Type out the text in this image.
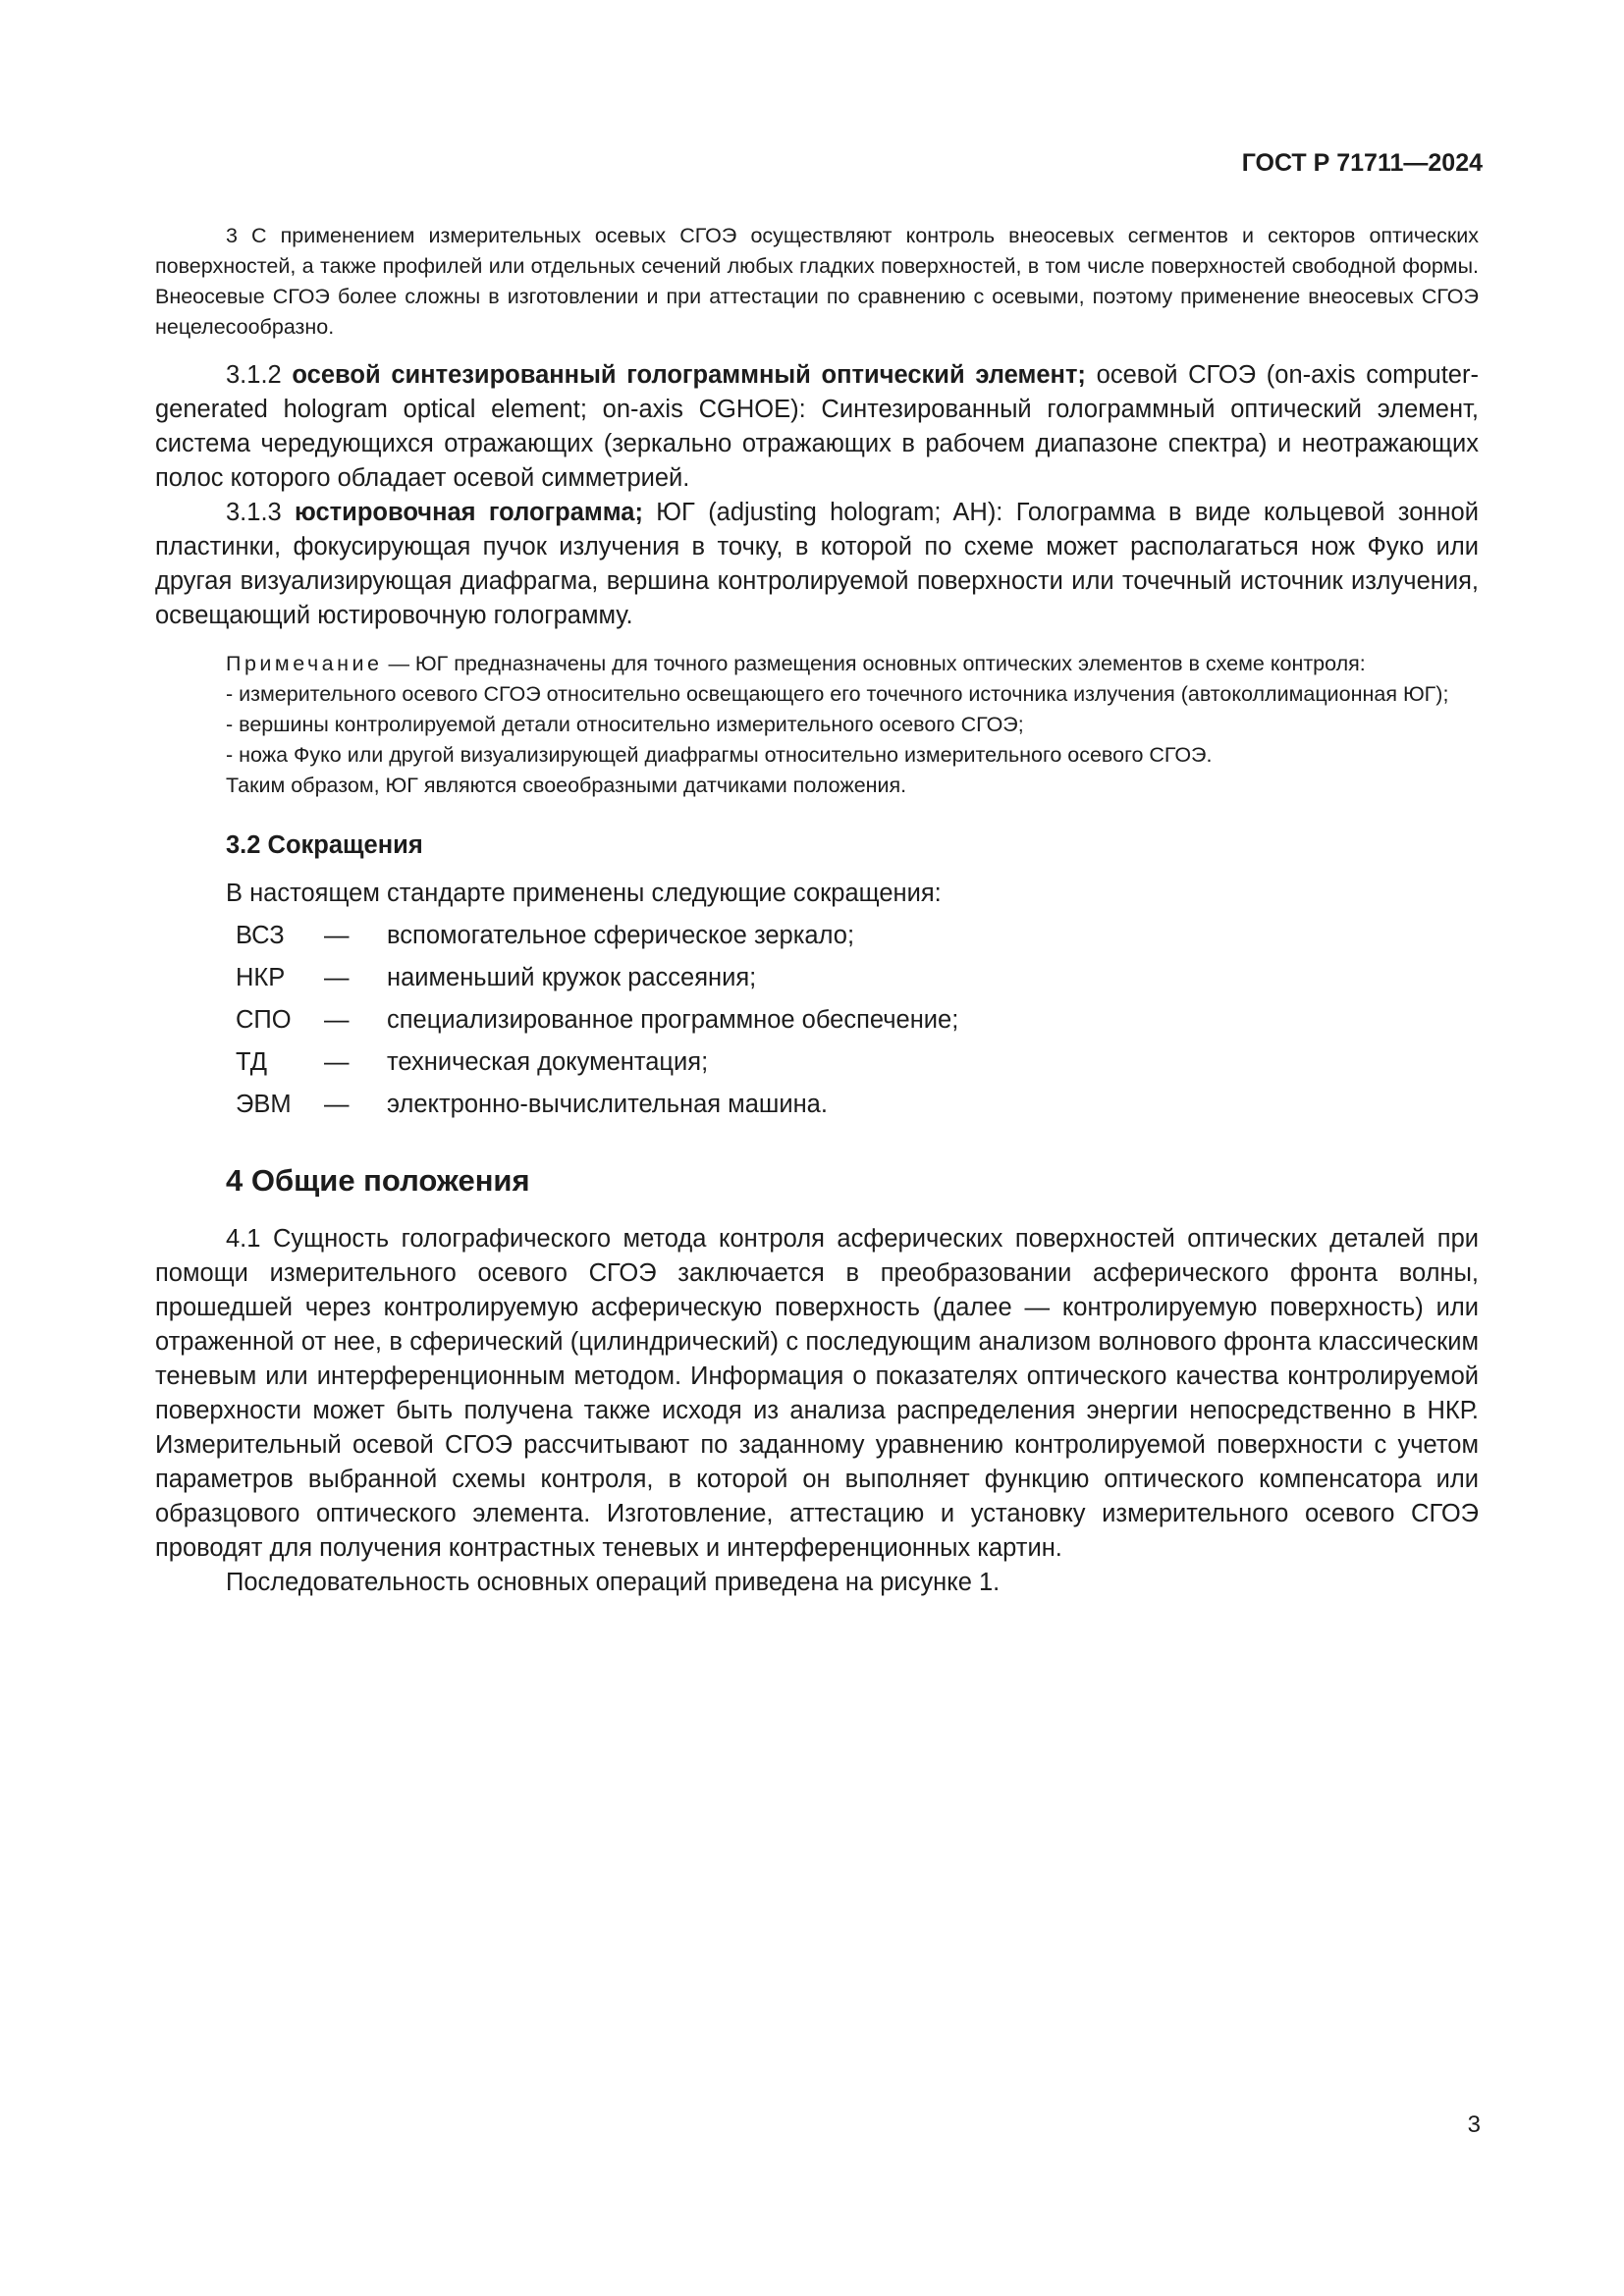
ГОСТ Р 71711—2024

3 С применением измерительных осевых СГОЭ осуществляют контроль внеосевых сегментов и секторов оптических поверхностей, а также профилей или отдельных сечений любых гладких поверхностей, в том числе поверхностей свободной формы. Внеосевые СГОЭ более сложны в изготовлении и при аттестации по сравнению с осевыми, поэтому применение внеосевых СГОЭ нецелесообразно.

3.1.2 осевой синтезированный голограммный оптический элемент; осевой СГОЭ (on-axis computer-generated hologram optical element; on-axis CGHOE): Синтезированный голограммный оптический элемент, система чередующихся отражающих (зеркально отражающих в рабочем диапазоне спектра) и неотражающих полос которого обладает осевой симметрией.

3.1.3 юстировочная голограмма; ЮГ (adjusting hologram; AH): Голограмма в виде кольцевой зонной пластинки, фокусирующая пучок излучения в точку, в которой по схеме может располагаться нож Фуко или другая визуализирующая диафрагма, вершина контролируемой поверхности или точечный источник излучения, освещающий юстировочную голограмму.

Примечание — ЮГ предназначены для точного размещения основных оптических элементов в схеме контроля:

- измерительного осевого СГОЭ относительно освещающего его точечного источника излучения (автоколлимационная ЮГ);

- вершины контролируемой детали относительно измерительного осевого СГОЭ;

- ножа Фуко или другой визуализирующей диафрагмы относительно измерительного осевого СГОЭ.

Таким образом, ЮГ являются своеобразными датчиками положения.

3.2 Сокращения

В настоящем стандарте применены следующие сокращения:

ВСЗ	—	вспомогательное сферическое зеркало;
НКР	—	наименьший кружок рассеяния;
СПО	—	специализированное программное обеспечение;
ТД	—	техническая документация;
ЭВМ	—	электронно-вычислительная машина.
4 Общие положения

4.1 Сущность голографического метода контроля асферических поверхностей оптических деталей при помощи измерительного осевого СГОЭ заключается в преобразовании асферического фронта волны, прошедшей через контролируемую асферическую поверхность (далее — контролируемую поверхность) или отраженной от нее, в сферический (цилиндрический) с последующим анализом волнового фронта классическим теневым или интерференционным методом. Информация о показателях оптического качества контролируемой поверхности может быть получена также исходя из анализа распределения энергии непосредственно в НКР. Измерительный осевой СГОЭ рассчитывают по заданному уравнению контролируемой поверхности с учетом параметров выбранной схемы контроля, в которой он выполняет функцию оптического компенсатора или образцового оптического элемента. Изготовление, аттестацию и установку измерительного осевого СГОЭ проводят для получения контрастных теневых и интерференционных картин.

Последовательность основных операций приведена на рисунке 1.

3
